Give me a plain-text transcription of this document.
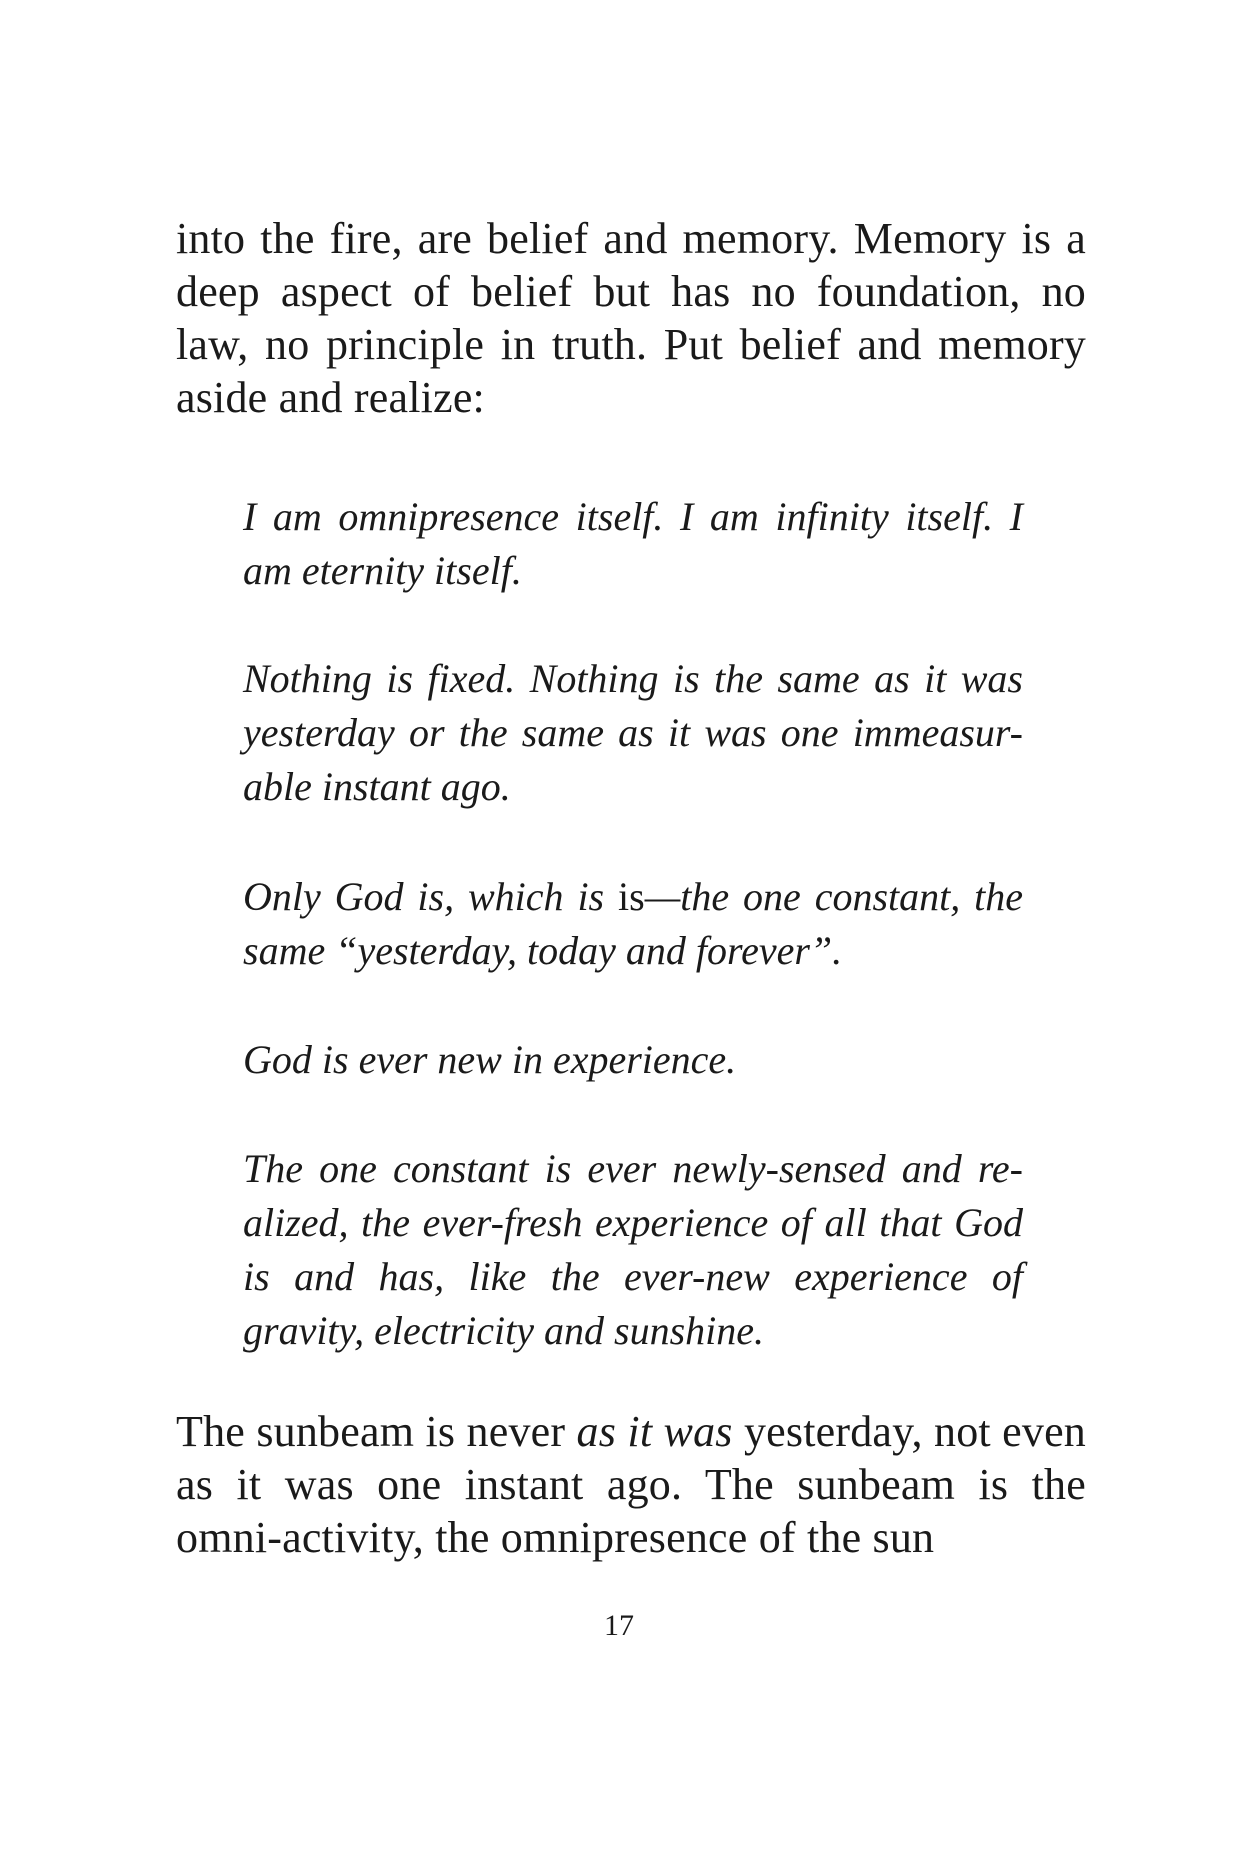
into the fire, are belief and memory. Memory is a deep aspect of belief but has no foundation, no law, no principle in truth. Put belief and memory aside and realize:

I am omnipresence itself. I am infinity itself. I am eternity itself.

Nothing is fixed. Nothing is the same as it was yesterday or the same as it was one immeasur-able instant ago.

Only God is, which is is—the one constant, the same “yesterday, today and forever”.

God is ever new in experience.

The one constant is ever newly-sensed and re-alized, the ever-fresh experience of all that God is and has, like the ever-new experience of gravity, electricity and sunshine.

The sunbeam is never as it was yesterday, not even as it was one instant ago. The sunbeam is the omni-activity, the omnipresence of the sun

17
